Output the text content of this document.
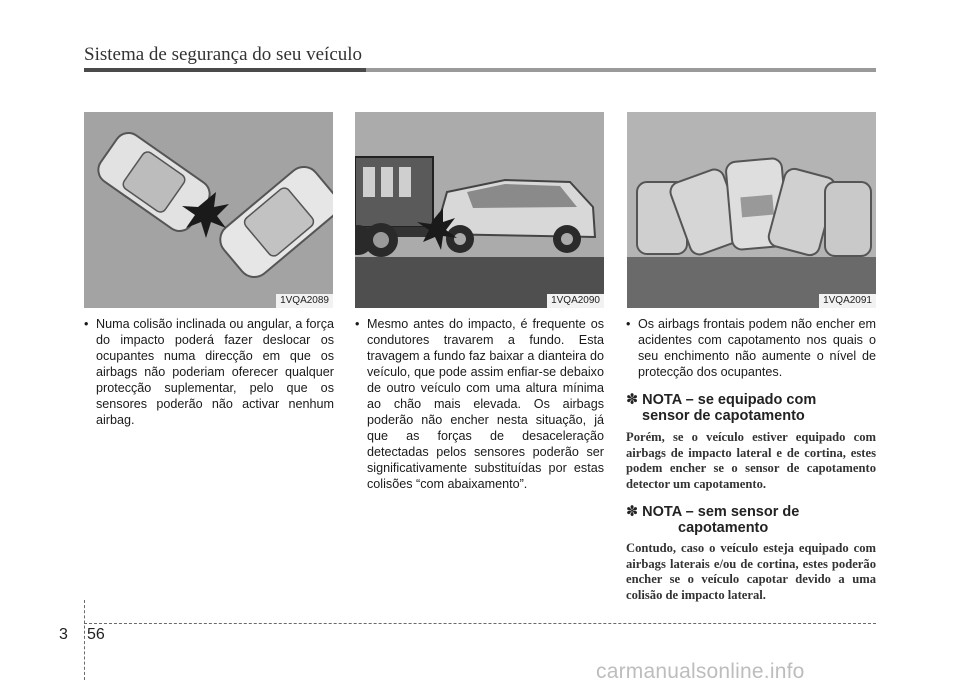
Sistema de segurança do seu veículo
1VQA2089	1VQA2090	1VQA2091
• Numa colisão inclinada ou angular, a força do impacto poderá fazer deslocar os ocupantes numa direcção em que os airbags não poderiam oferecer qualquer protecção suplementar, pelo que os sensores poderão não activar nenhum airbag.

• Mesmo antes do impacto, é frequente os condutores travarem a fundo. Esta travagem a fundo faz baixar a dianteira do veículo, que pode assim enfiar-se debaixo de outro veículo com uma altura mínima ao chão mais elevada. Os airbags poderão não encher nesta situação, já que as forças de desaceleração detectadas pelos sensores poderão ser significativamente substituídas por estas colisões “com abaixamento”.

• Os airbags frontais podem não encher em acidentes com capotamento nos quais o seu enchimento não aumente o nível de protecção dos ocupantes.

✽ NOTA – se equipado com
sensor de capotamento
Porém, se o veículo estiver equipado com airbags de impacto lateral e de cortina, estes podem encher se o sensor de capotamento detector um capotamento.
✽ NOTA – sem sensor de
capotamento
Contudo, caso o veículo esteja equipado com airbags laterais e/ou de cortina, estes poderão encher se o veículo capotar devido a uma colisão de impacto lateral.
3 56
carmanualsonline.info
